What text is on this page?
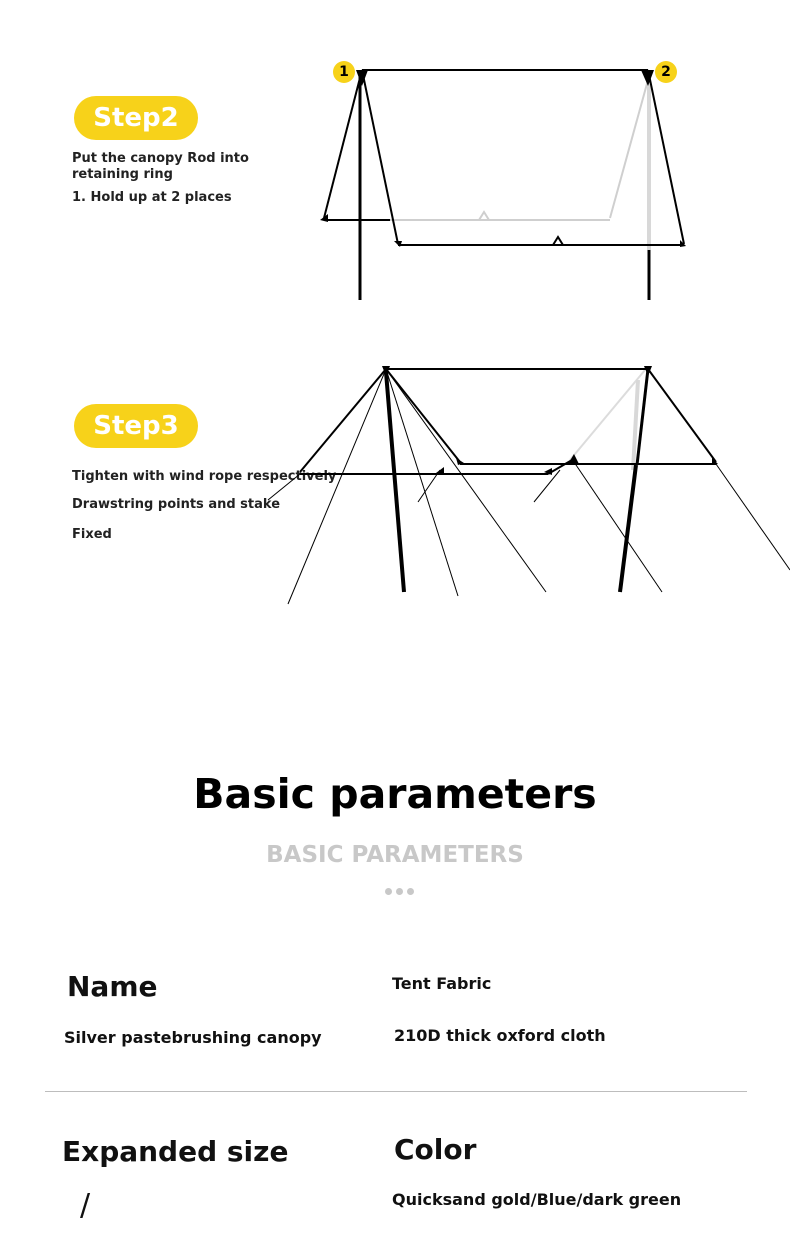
Step2
Put the canopy Rod into retaining ring
1. Hold up at 2 places
1	2
Step3
Tighten with wind rope respectively
Drawstring points and stake
Fixed
Basic parameters
BASIC PARAMETERS
Name
Silver pastebrushing canopy
Tent Fabric
210D thick oxford cloth
Expanded size
/
Color
Quicksand gold/Blue/dark green
